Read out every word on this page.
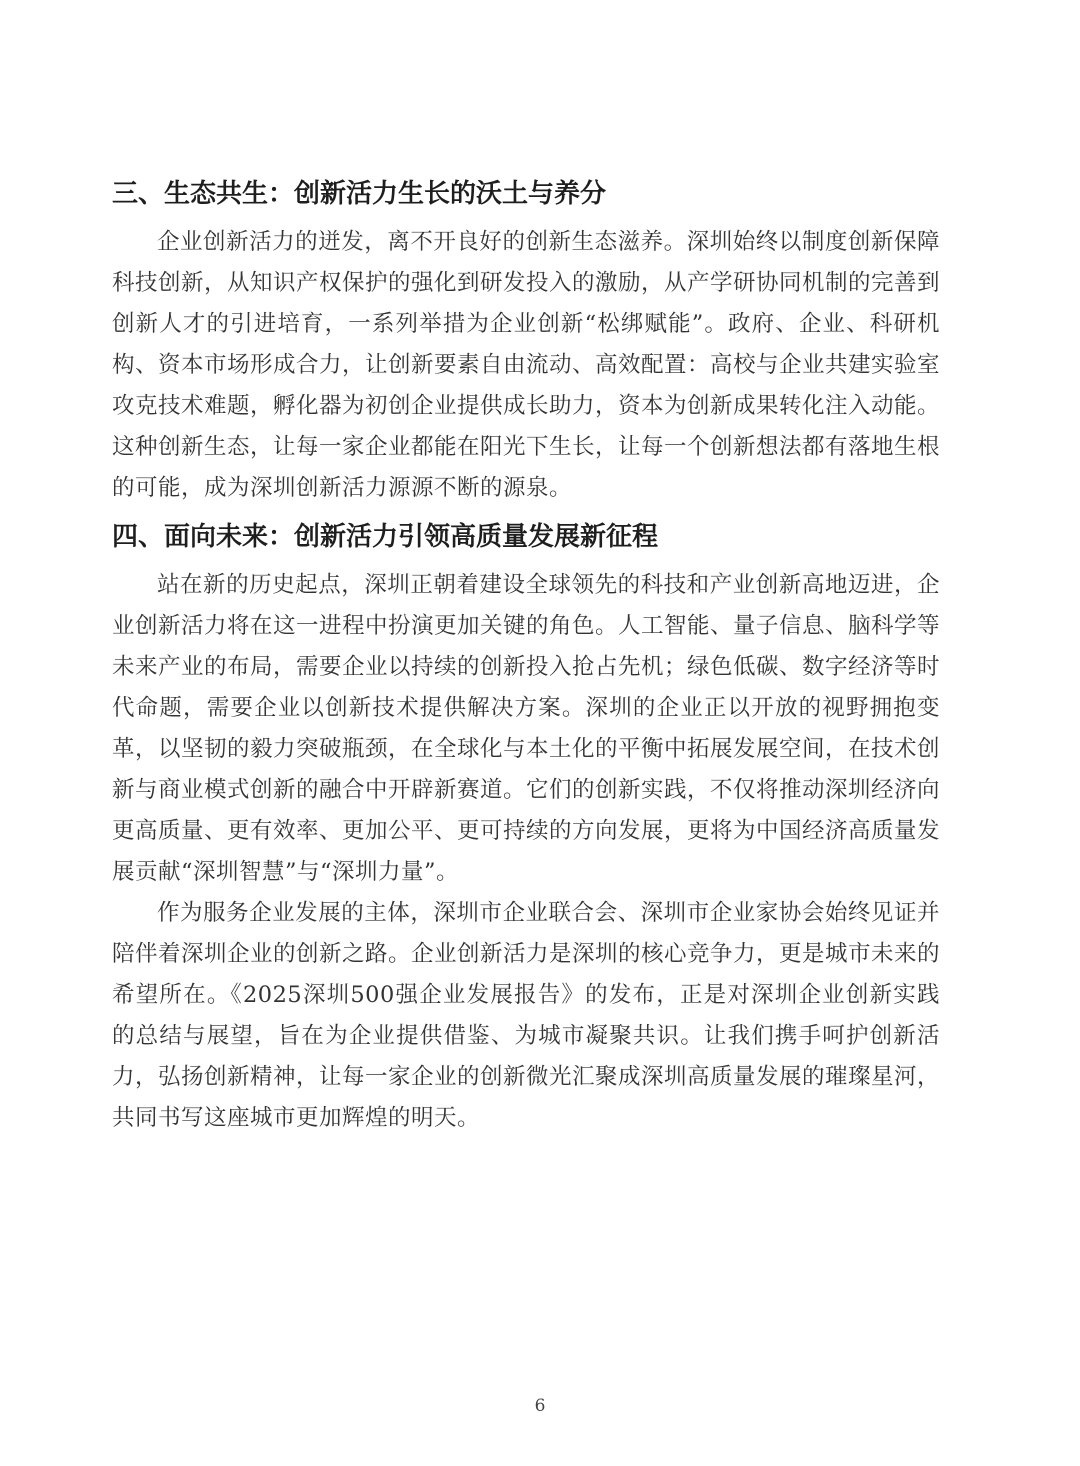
三、生态共生：创新活力生长的沃土与养分

企业创新活力的迸发，离不开良好的创新生态滋养。深圳始终以制度创新保障科技创新，从知识产权保护的强化到研发投入的激励，从产学研协同机制的完善到创新人才的引进培育，一系列举措为企业创新“松绑赋能”。政府、企业、科研机构、资本市场形成合力，让创新要素自由流动、高效配置：高校与企业共建实验室攻克技术难题，孵化器为初创企业提供成长助力，资本为创新成果转化注入动能。这种创新生态，让每一家企业都能在阳光下生长，让每一个创新想法都有落地生根的可能，成为深圳创新活力源源不断的源泉。

四、面向未来：创新活力引领高质量发展新征程

站在新的历史起点，深圳正朝着建设全球领先的科技和产业创新高地迈进，企业创新活力将在这一进程中扮演更加关键的角色。人工智能、量子信息、脑科学等未来产业的布局，需要企业以持续的创新投入抢占先机；绿色低碳、数字经济等时代命题，需要企业以创新技术提供解决方案。深圳的企业正以开放的视野拥抱变革，以坚韧的毅力突破瓶颈，在全球化与本土化的平衡中拓展发展空间，在技术创新与商业模式创新的融合中开辟新赛道。它们的创新实践，不仅将推动深圳经济向更高质量、更有效率、更加公平、更可持续的方向发展，更将为中国经济高质量发展贡献“深圳智慧”与“深圳力量”。

作为服务企业发展的主体，深圳市企业联合会、深圳市企业家协会始终见证并陪伴着深圳企业的创新之路。企业创新活力是深圳的核心竞争力，更是城市未来的希望所在。《2025深圳500强企业发展报告》的发布，正是对深圳企业创新实践的总结与展望，旨在为企业提供借鉴、为城市凝聚共识。让我们携手呵护创新活力，弘扬创新精神，让每一家企业的创新微光汇聚成深圳高质量发展的璀璨星河，共同书写这座城市更加辉煌的明天。

6
